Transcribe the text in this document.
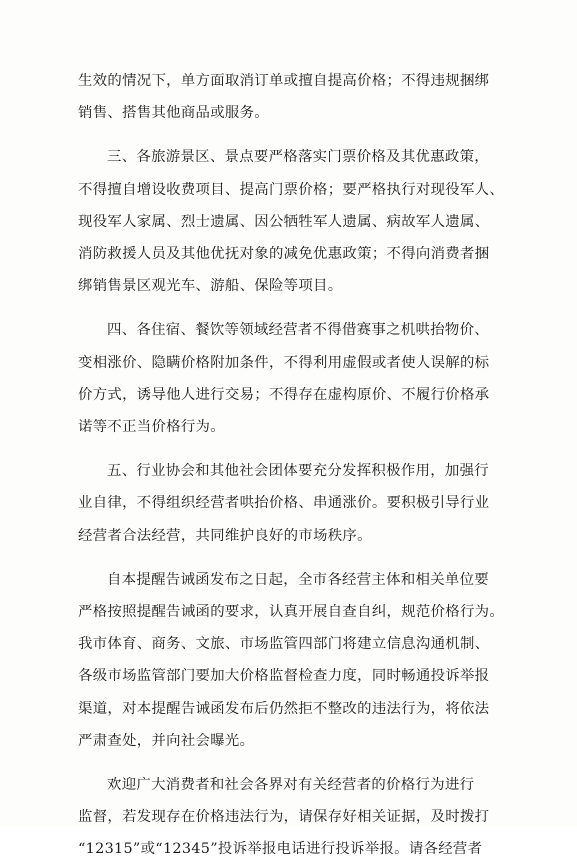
生效的情况下，单方面取消订单或擅自提高价格；不得违规捆绑
销售、搭售其他商品或服务。

三、各旅游景区、景点要严格落实门票价格及其优惠政策，
不得擅自增设收费项目、提高门票价格；要严格执行对现役军人、
现役军人家属、烈士遗属、因公牺牲军人遗属、病故军人遗属、
消防救援人员及其他优抚对象的减免优惠政策；不得向消费者捆
绑销售景区观光车、游船、保险等项目。

四、各住宿、餐饮等领域经营者不得借赛事之机哄抬物价、
变相涨价、隐瞒价格附加条件，不得利用虚假或者使人误解的标
价方式，诱导他人进行交易；不得存在虚构原价、不履行价格承
诺等不正当价格行为。

五、行业协会和其他社会团体要充分发挥积极作用，加强行
业自律，不得组织经营者哄抬价格、串通涨价。要积极引导行业
经营者合法经营，共同维护良好的市场秩序。

自本提醒告诫函发布之日起，全市各经营主体和相关单位要
严格按照提醒告诫函的要求，认真开展自查自纠，规范价格行为。
我市体育、商务、文旅、市场监管四部门将建立信息沟通机制、
各级市场监管部门要加大价格监督检查力度，同时畅通投诉举报
渠道，对本提醒告诫函发布后仍然拒不整改的违法行为，将依法
严肃查处，并向社会曝光。

欢迎广大消费者和社会各界对有关经营者的价格行为进行
监督，若发现存在价格违法行为，请保存好相关证据，及时拨打
“12315”或“12345”投诉举报电话进行投诉举报。请各经营者
